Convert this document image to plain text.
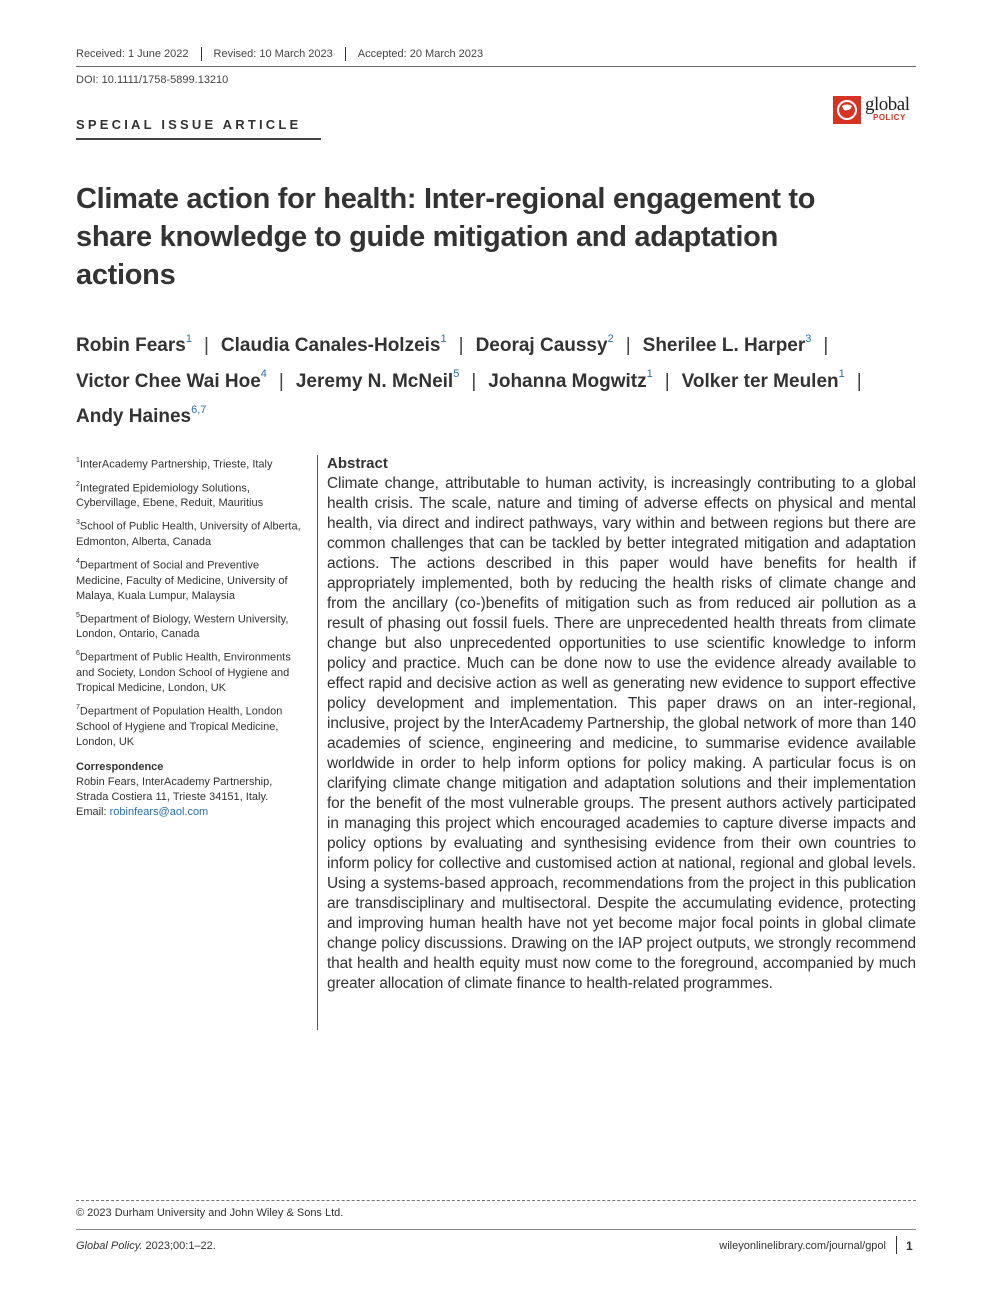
Received: 1 June 2022	Revised: 10 March 2023	Accepted: 20 March 2023
DOI: 10.1111/1758-5899.13210
global
POLICY
SPECIAL ISSUE ARTICLE
Climate action for health: Inter-regional engagement to share knowledge to guide mitigation and adaptation actions
Robin Fears$^1$ | Claudia Canales-Holzeis$^1$ | Deoraj Caussy$^2$ | Sherilee L. Harper$^3$ |
Victor Chee Wai Hoe$^4$ | Jeremy N. McNeil$^5$ | Johanna Mogwitz$^1$ | Volker ter Meulen$^1$ |
Andy Haines$^{6,7}$
$^1$InterAcademy Partnership, Trieste, Italy
$^2$Integrated Epidemiology Solutions, Cybervillage, Ebene, Reduit, Mauritius
$^3$School of Public Health, University of Alberta, Edmonton, Alberta, Canada
$^4$Department of Social and Preventive Medicine, Faculty of Medicine, University of Malaya, Kuala Lumpur, Malaysia
$^5$Department of Biology, Western University, London, Ontario, Canada
$^6$Department of Public Health, Environments and Society, London School of Hygiene and Tropical Medicine, London, UK
$^7$Department of Population Health, London School of Hygiene and Tropical Medicine, London, UK
Correspondence
Robin Fears, InterAcademy Partnership, Strada Costiera 11, Trieste 34151, Italy.
Email: robinfears@aol.com
Abstract

Climate change, attributable to human activity, is increasingly contributing to a global health crisis. The scale, nature and timing of adverse effects on physical and mental health, via direct and indirect pathways, vary within and between regions but there are common challenges that can be tackled by better integrated mitigation and adaptation actions. The actions described in this paper would have benefits for health if appropriately implemented, both by reducing the health risks of climate change and from the ancillary (co-)benefits of mitigation such as from reduced air pollution as a result of phasing out fossil fuels. There are unprecedented health threats from climate change but also unprecedented opportunities to use scientific knowledge to inform policy and practice. Much can be done now to use the evidence already available to effect rapid and decisive action as well as generating new evidence to support effective policy development and implementation. This paper draws on an inter-regional, inclusive, project by the InterAcademy Partnership, the global network of more than 140 academies of science, engineering and medicine, to summarise evidence available worldwide in order to help inform options for policy making. A particular focus is on clarifying climate change mitigation and adaptation solutions and their implementation for the benefit of the most vulnerable groups. The present authors actively participated in managing this project which encouraged academies to capture diverse impacts and policy options by evaluating and synthesising evidence from their own countries to inform policy for collective and customised action at national, regional and global levels. Using a systems-based approach, recommendations from the project in this publication are transdisciplinary and multisectoral. Despite the accumulating evidence, protecting and improving human health have not yet become major focal points in global climate change policy discussions. Drawing on the IAP project outputs, we strongly recommend that health and health equity must now come to the foreground, accompanied by much greater allocation of climate finance to health-related programmes.

© 2023 Durham University and John Wiley & Sons Ltd.
Global Policy. 2023;00:1–22.	wileyonlinelibrary.com/journal/gpol 1
